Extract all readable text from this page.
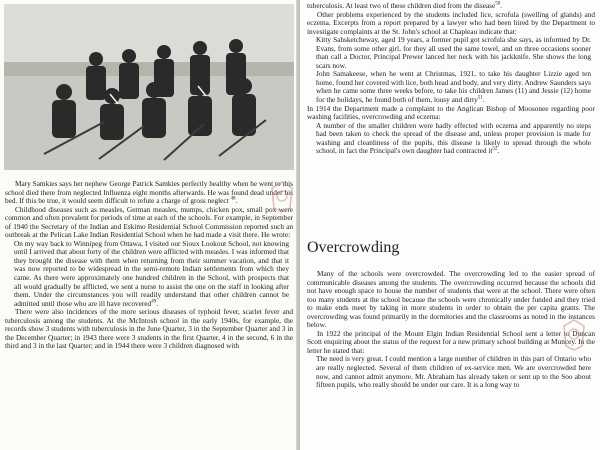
Mary Samkies says her nephew George Patrick Samkies perfectly healthy when he went to this school died there from neglected Influenza eight months afterwards. He was found dead under his bed. If this be true, it would seem difficult to refute a charge of gross neglect $^{48}$.

Childhood diseases such as measles, German measles, mumps, chicken pox, small pox were common and often prevalent for periods of time at each of the schools. For example, in September of 1940 the Secretary of the Indian and Eskimo Residential School Commission reported such an outbreak at the Pelican Lake Indian Residential School when he had made a visit there. He wrote:

On my way back to Winnipeg from Ottawa, I visited our Sioux Lookout School, not knowing until I arrived that about forty of the children were afflicted with measles. I was informed that they brought the disease with them when returning from their summer vacation, and that it was now reported to be widespread in the semi-remote Indian settlements from which they came. As there were approximately one hundred children in the School, with prospects that all would gradually be afflicted, we sent a nurse to assist the one on the staff in looking after them. Under the circumstances you will readily understand that other children cannot be admitted until those who are ill have recovered$^{49}$.

There were also incidences of the more serious diseases of typhoid fever, scarlet fever and tuberculosis among the students. At the McIntosh school in the early 1940s, for example, the records show 3 students with tuberculosis in the June Quarter, 3 in the September Quarter and 3 in the December Quarter; in 1943 there were 3 students in the first Quarter, 4 in the second, 6 in the third and 3 in the last Quarter; and in 1944 there were 3 children diagnosed with

tuberculosis. At least two of these children died from the disease$^{50}$.

Other problems experienced by the students included lice, scrofula (swelling of glands) and eczema. Excerpts from a report prepared by a lawyer who had been hired by the Department to investigate complaints at the St. John's school at Chapleau indicate that:

Kitty Sahsketcheway, aged 19 years, a former pupil got scrofula she says, as informed by Dr. Evans, from some other girl, for they all used the same towel, and on three occasions sooner than call a Doctor, Principal Prewer lanced her neck with his jackknife. She shows the long scars now.

John Samakeese, when he went at Christmas, 1921, to take his daughter Lizzie aged ten home, found her covered with lice, both head and body, and very dirty. Andrew Saunders says when he came some three weeks before, to take his children James (11) and Jessie (12) home for the holidays, he found both of them, lousy and dirty$^{51}$.

In 1914 the Department made a complaint to the Anglican Bishop of Moosonee regarding poor washing facilities, overcrowding and eczema:

A number of the smaller children were badly effected with eczema and apparently no steps had been taken to check the spread of the disease and, unless proper provision is made for washing and cleanliness of the pupils, this disease is likely to spread through the whole school, in fact the Principal's own daughter had contracted $it^{52}$.

Overcrowding

Many of the schools were overcrowded. The overcrowding led to the easier spread of communicable diseases among the students. The overcrowding occurred because the schools did not have enough space to house the number of students that were at the school. There were often too many students at the school because the schools were chronically under funded and they tried to make ends meet by taking in more students in order to obtain the per capita grants. The overcrowding was found primarily in the dormitories and the classrooms as noted in the instances below.

In 1922 the principal of the Mount Elgin Indian Residential School sent a letter to Duncan Scott enquiring about the status of the request for a new primary school building at Muncey. In the letter he stated that:

The need is very great. I could mention a large number of children in this part of Ontario who are really neglected. Several of them children of ex-service men. We are overcrowded here now, and cannot admit anymore. Mr. Abraham has already taken or sent up to the Soo about fifteen pupils, who really should be under our care. It is a long way to
